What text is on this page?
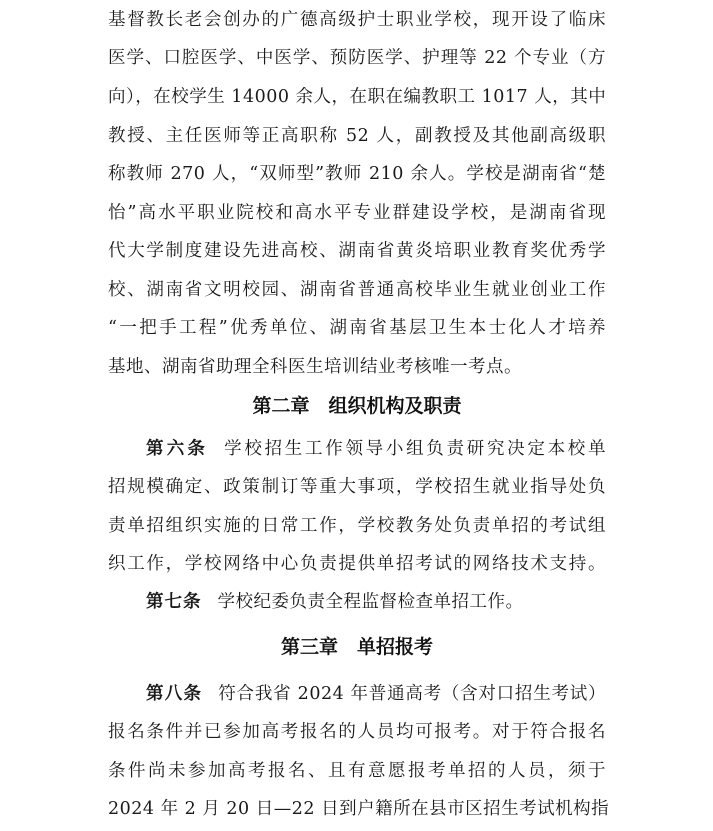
基督教长老会创办的广德高级护士职业学校，现开设了临床
医学、口腔医学、中医学、预防医学、护理等 22 个专业（方
向），在校学生 14000 余人，在职在编教职工 1017 人，其中
教授、主任医师等正高职称 52 人，副教授及其他副高级职
称教师 270 人，“双师型”教师 210 余人。学校是湖南省“楚
怡”高水平职业院校和高水平专业群建设学校，是湖南省现
代大学制度建设先进高校、湖南省黄炎培职业教育奖优秀学
校、湖南省文明校园、湖南省普通高校毕业生就业创业工作
“一把手工程”优秀单位、湖南省基层卫生本士化人才培养
基地、湖南省助理全科医生培训结业考核唯一考点。
第二章　组织机构及职责
第六条 学校招生工作领导小组负责研究决定本校单
招规模确定、政策制订等重大事项，学校招生就业指导处负
责单招组织实施的日常工作，学校教务处负责单招的考试组
织工作，学校网络中心负责提供单招考试的网络技术支持。
第七条 学校纪委负责全程监督检查单招工作。
第三章　单招报考
第八条 符合我省 2024 年普通高考（含对口招生考试）
报名条件并已参加高考报名的人员均可报考。对于符合报名
条件尚未参加高考报名、且有意愿报考单招的人员，须于
2024 年 2 月 20 日—22 日到户籍所在县市区招生考试机构指
